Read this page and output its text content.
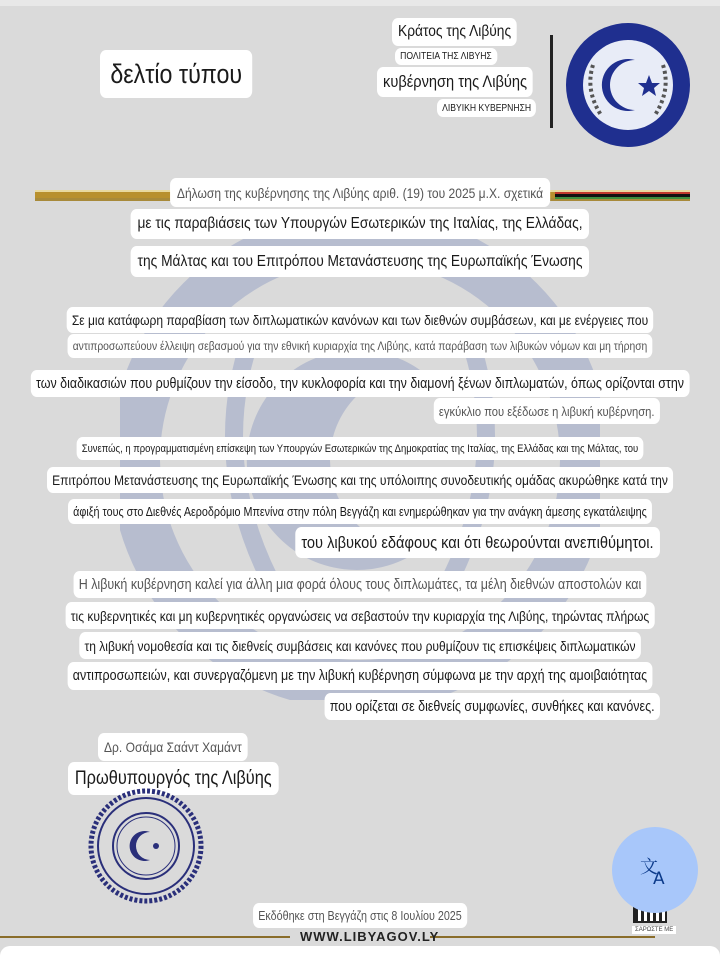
δελτίο τύπου
Κράτος της Λιβύης
ΠΟΛΙΤΕΙΑ ΤΗΣ ΛΙΒΥΗΣ
κυβέρνηση της Λιβύης
ΛΙΒΥΙΚΗ ΚΥΒΕΡΝΗΣΗ
Δήλωση της κυβέρνησης της Λιβύης αριθ. (19) του 2025 μ.Χ. σχετικά
με τις παραβιάσεις των Υπουργών Εσωτερικών της Ιταλίας, της Ελλάδας,
της Μάλτας και του Επιτρόπου Μετανάστευσης της Ευρωπαϊκής Ένωσης
Σε μια κατάφωρη παραβίαση των διπλωματικών κανόνων και των διεθνών συμβάσεων, και με ενέργειες που
αντιπροσωπεύουν έλλειψη σεβασμού για την εθνική κυριαρχία της Λιβύης, κατά παράβαση των λιβυκών νόμων και μη τήρηση
των διαδικασιών που ρυθμίζουν την είσοδο, την κυκλοφορία και την διαμονή ξένων διπλωματών, όπως ορίζονται στην
εγκύκλιο που εξέδωσε η λιβυκή κυβέρνηση.
Συνεπώς, η προγραμματισμένη επίσκεψη των Υπουργών Εσωτερικών της Δημοκρατίας της Ιταλίας, της Ελλάδας και της Μάλτας, του
Επιτρόπου Μετανάστευσης της Ευρωπαϊκής Ένωσης και της υπόλοιπης συνοδευτικής ομάδας ακυρώθηκε κατά την
άφιξή τους στο Διεθνές Αεροδρόμιο Μπενίνα στην πόλη Βεγγάζη και ενημερώθηκαν για την ανάγκη άμεσης εγκατάλειψης
του λιβυκού εδάφους και ότι θεωρούνται ανεπιθύμητοι.
Η λιβυκή κυβέρνηση καλεί για άλλη μια φορά όλους τους διπλωμάτες, τα μέλη διεθνών αποστολών και
τις κυβερνητικές και μη κυβερνητικές οργανώσεις να σεβαστούν την κυριαρχία της Λιβύης, τηρώντας πλήρως
τη λιβυκή νομοθεσία και τις διεθνείς συμβάσεις και κανόνες που ρυθμίζουν τις επισκέψεις διπλωματικών
αντιπροσωπειών, και συνεργαζόμενη με την λιβυκή κυβέρνηση σύμφωνα με την αρχή της αμοιβαιότητας
που ορίζεται σε διεθνείς συμφωνίες, συνθήκες και κανόνες.
Δρ. Οσάμα Σαάντ Χαμάντ
Πρωθυπουργός της Λιβύης
Εκδόθηκε στη Βεγγάζη στις 8 Ιουλίου 2025
WWW.LIBYAGOV.LY	ΣΑΡΩΣΤΕ ΜΕ
文
A
